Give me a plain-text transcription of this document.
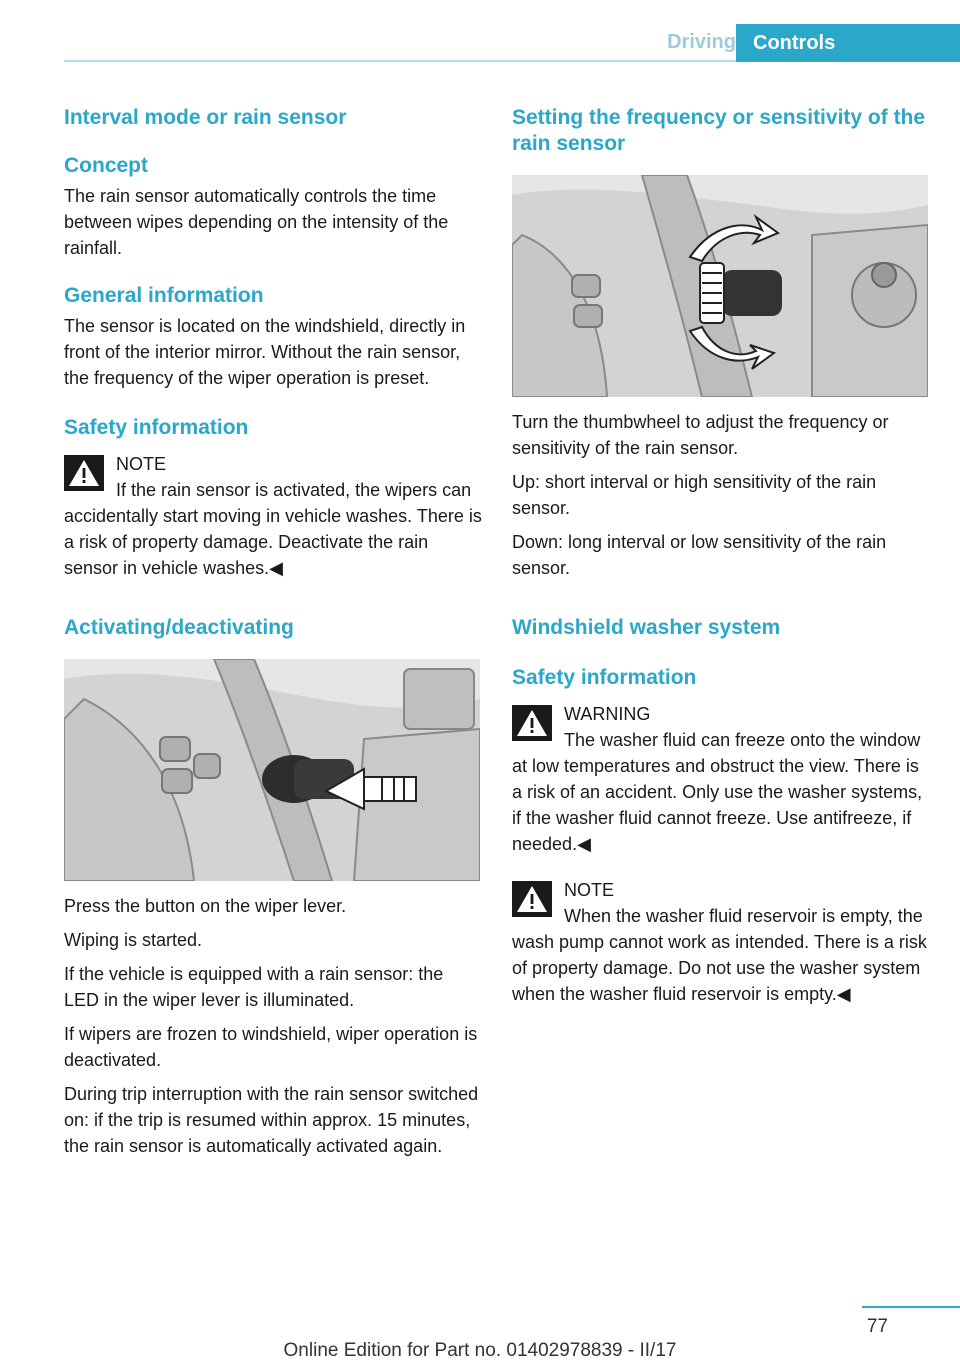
Driving Controls
Interval mode or rain sensor
Concept

The rain sensor automatically controls the time between wipes depending on the intensity of the rainfall.

General information

The sensor is located on the windshield, directly in front of the interior mirror. Without the rain sensor, the frequency of the wiper operation is preset.

Safety information
NOTE

If the rain sensor is activated, the wipers can accidentally start moving in vehicle washes. There is a risk of property damage. Deactivate the rain sensor in vehicle washes.◀

Activating/deactivating

Press the button on the wiper lever.

Wiping is started.

If the vehicle is equipped with a rain sensor: the LED in the wiper lever is illuminated.

If wipers are frozen to windshield, wiper operation is deactivated.

During trip interruption with the rain sensor switched on: if the trip is resumed within approx. 15 minutes, the rain sensor is automatically activated again.

Setting the frequency or sensitivity of the rain sensor

Turn the thumbwheel to adjust the frequency or sensitivity of the rain sensor.

Up: short interval or high sensitivity of the rain sensor.

Down: long interval or low sensitivity of the rain sensor.

Windshield washer system
Safety information
WARNING

The washer fluid can freeze onto the window at low temperatures and obstruct the view. There is a risk of an accident. Only use the washer systems, if the washer fluid cannot freeze. Use antifreeze, if needed.◀

NOTE

When the washer fluid reservoir is empty, the wash pump cannot work as intended. There is a risk of property damage. Do not use the washer system when the washer fluid reservoir is empty.◀

77
Online Edition for Part no. 01402978839 - II/17
